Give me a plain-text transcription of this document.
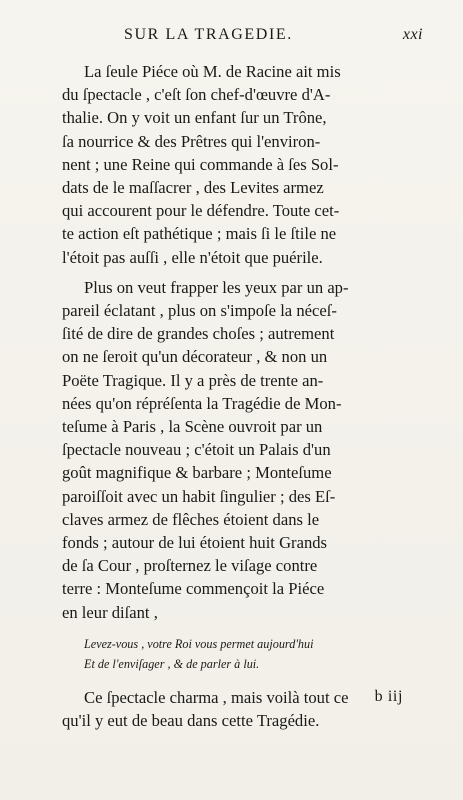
SUR LA TRAGEDIE.	xxi
La ſeule Piéce où M. de Racine ait mis
du ſpectacle , c'eſt ſon chef-d'œuvre d'A-
thalie. On y voit un enfant ſur un Trône,
ſa nourrice & des Prêtres qui l'environ-
nent ; une Reine qui commande à ſes Sol-
dats de le maſſacrer , des Levites armez
qui accourent pour le défendre. Toute cet-
te action eſt pathétique ; mais ſi le ſtile ne
l'étoit pas auſſi , elle n'étoit que puérile.
Plus on veut frapper les yeux par un ap-
pareil éclatant , plus on s'impoſe la néceſ-
ſité de dire de grandes choſes ; autrement
on ne ſeroit qu'un décorateur , & non un
Poëte Tragique. Il y a près de trente an-
nées qu'on répréſenta la Tragédie de Mon-
teſume à Paris , la Scène ouvroit par un
ſpectacle nouveau ; c'étoit un Palais d'un
goût magnifique & barbare ; Monteſume
paroiſſoit avec un habit ſingulier ; des Eſ-
claves armez de flêches étoient dans le
fonds ; autour de lui étoient huit Grands
de ſa Cour , proſternez le viſage contre
terre : Monteſume commençoit la Piéce
en leur diſant ,
Levez-vous , votre Roi vous permet aujourd'hui
Et de l'enviſager , & de parler à lui.
Ce ſpectacle charma , mais voilà tout ce
qu'il y eut de beau dans cette Tragédie.
b iij
